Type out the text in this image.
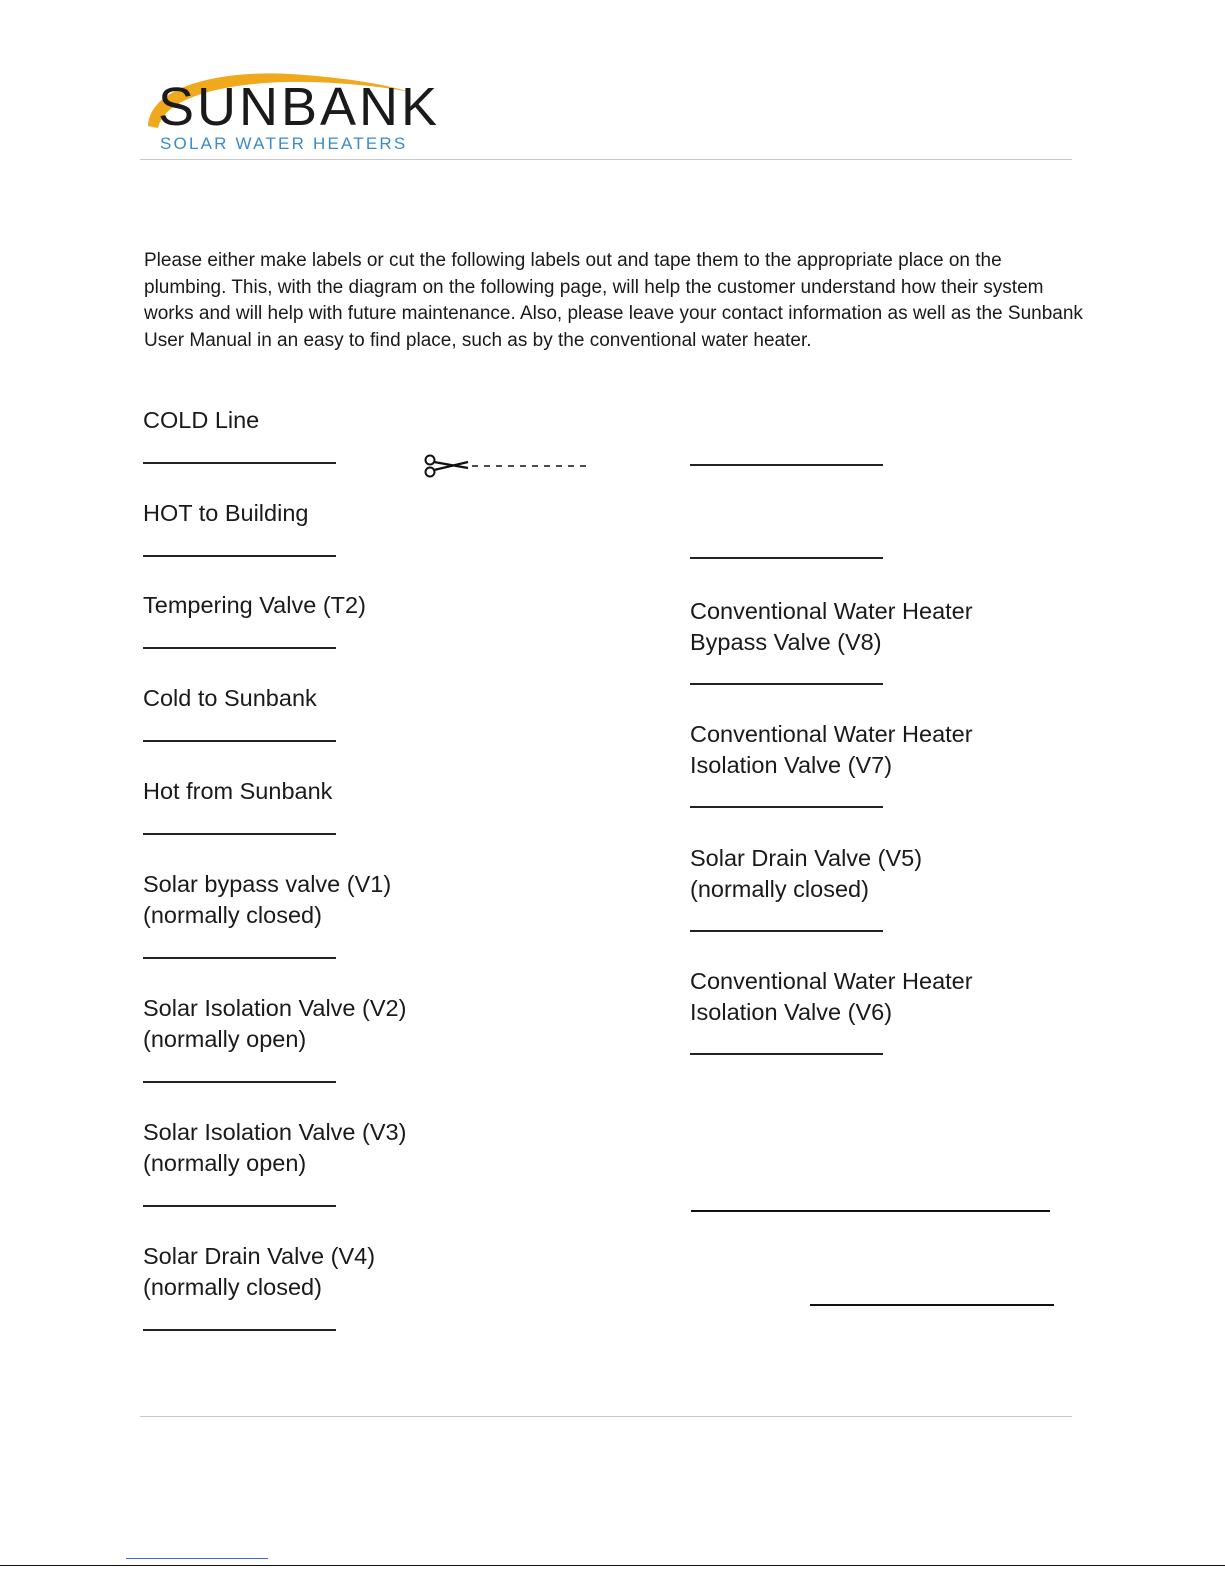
SUNBANK
SOLAR WATER HEATERS
Please either make labels or cut the following labels out and tape them to the appropriate place on the plumbing. This, with the diagram on the following page, will help the customer understand how their system works and will help with future maintenance. Also, please leave your contact information as well as the Sunbank User Manual in an easy to find place, such as by the conventional water heater.
COLD Line
HOT to Building
Tempering Valve (T2)
Cold to Sunbank
Hot from Sunbank
Solar bypass valve (V1)
(normally closed)
Solar Isolation Valve (V2)
(normally open)
Solar Isolation Valve (V3)
(normally open)
Solar Drain Valve (V4)
(normally closed)
Conventional Water Heater
Bypass Valve (V8)
Conventional Water Heater
Isolation Valve (V7)
Solar Drain Valve (V5)
(normally closed)
Conventional Water Heater
Isolation Valve (V6)
